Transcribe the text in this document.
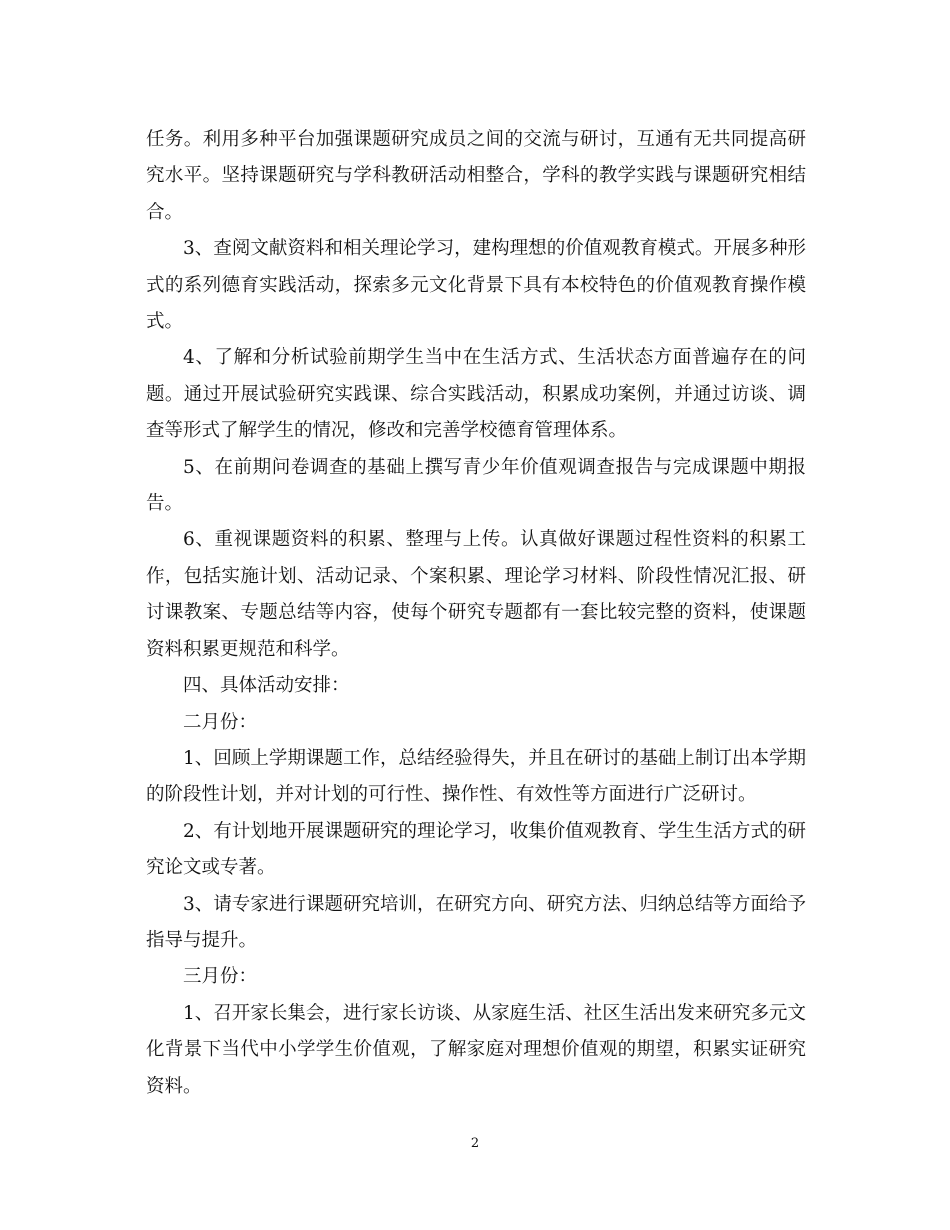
任务。利用多种平台加强课题研究成员之间的交流与研讨，互通有无共同提高研究水平。坚持课题研究与学科教研活动相整合，学科的教学实践与课题研究相结合。

3、查阅文献资料和相关理论学习，建构理想的价值观教育模式。开展多种形式的系列德育实践活动，探索多元文化背景下具有本校特色的价值观教育操作模式。

4、了解和分析试验前期学生当中在生活方式、生活状态方面普遍存在的问题。通过开展试验研究实践课、综合实践活动，积累成功案例，并通过访谈、调查等形式了解学生的情况，修改和完善学校德育管理体系。

5、在前期问卷调查的基础上撰写青少年价值观调查报告与完成课题中期报告。

6、重视课题资料的积累、整理与上传。认真做好课题过程性资料的积累工作，包括实施计划、活动记录、个案积累、理论学习材料、阶段性情况汇报、研讨课教案、专题总结等内容，使每个研究专题都有一套比较完整的资料，使课题资料积累更规范和科学。

四、具体活动安排：

二月份：

1、回顾上学期课题工作，总结经验得失，并且在研讨的基础上制订出本学期的阶段性计划，并对计划的可行性、操作性、有效性等方面进行广泛研讨。

2、有计划地开展课题研究的理论学习，收集价值观教育、学生生活方式的研究论文或专著。

3、请专家进行课题研究培训，在研究方向、研究方法、归纳总结等方面给予指导与提升。

三月份：

1、召开家长集会，进行家长访谈、从家庭生活、社区生活出发来研究多元文化背景下当代中小学学生价值观，了解家庭对理想价值观的期望，积累实证研究资料。

2
